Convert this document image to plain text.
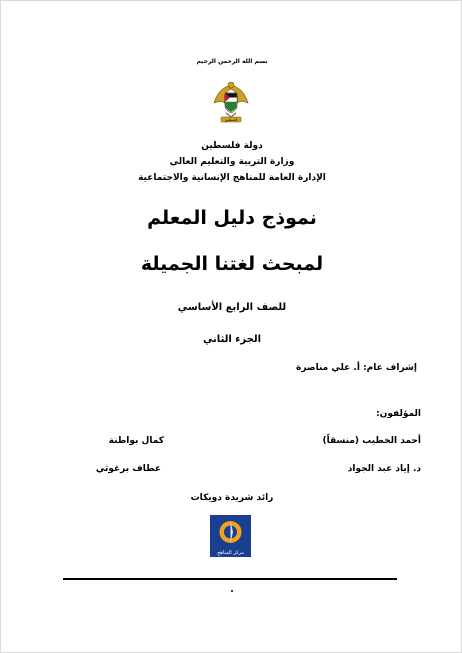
بسم الله الرحمن الرحيم
فلسطين
دولة فلسطين
وزارة التربية والتعليم العالي
الإدارة العامة للمناهج الإنسانية والاجتماعية
نموذج دليل المعلم
لمبحث لغتنا الجميلة
للصف الرابع الأساسي
الجزء الثاني
إشراف عام: أ. علي مناصرة
المؤلفون:
أحمد الخطيب (منسقاً)
كمال بواطنة
د. إياد عبد الجواد
عطاف برغوثي
رائد شريدة دويكات
مركز المناهج
